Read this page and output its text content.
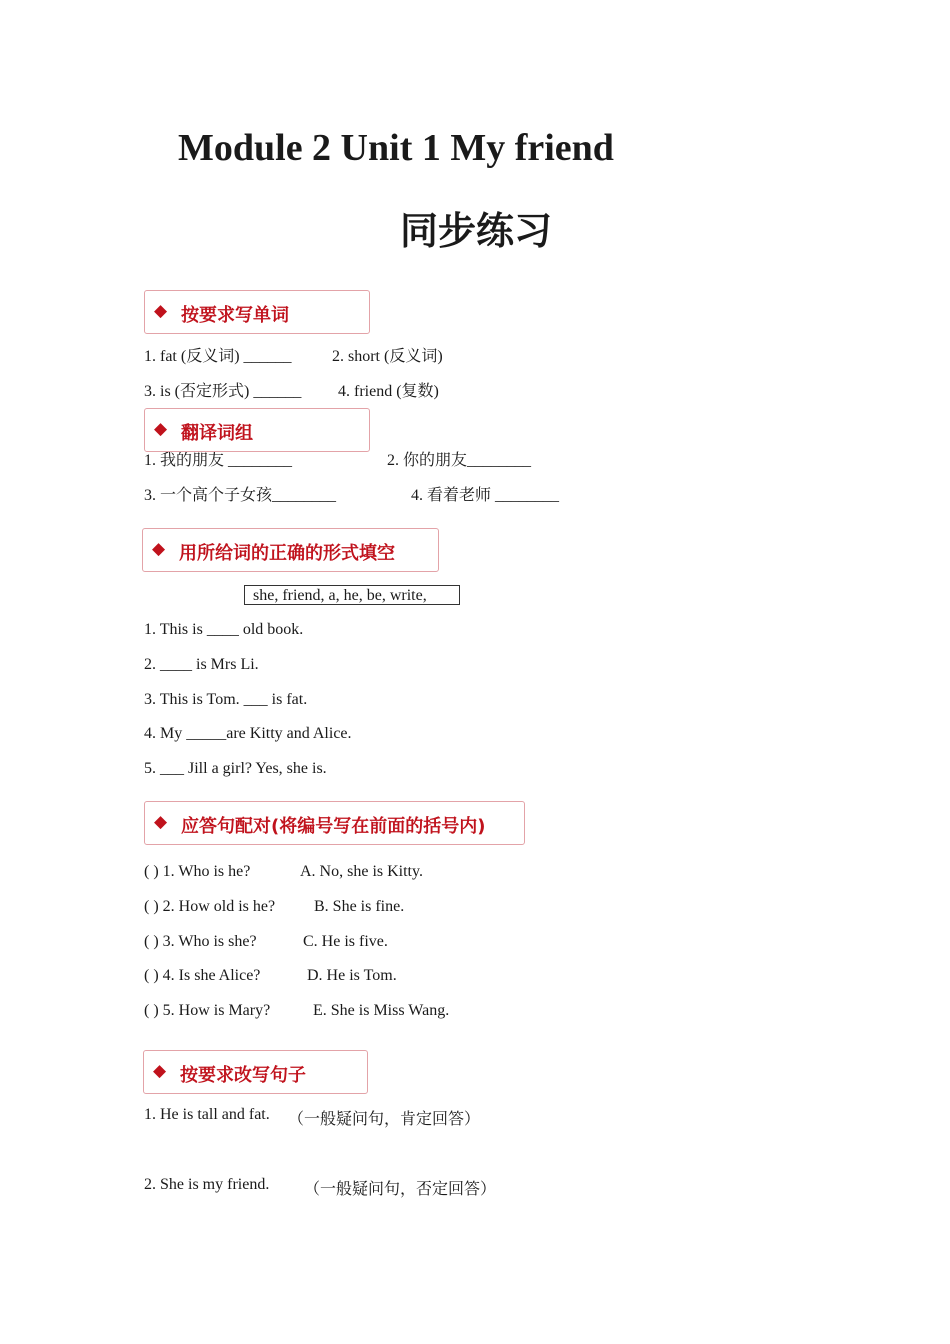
Module 2 Unit 1 My friend
同步练习
◆ 按要求写单词
1. fat (反义词) ______	2. short (反义词)
3. is (否定形式) ______ 4. friend (复数)
1. 我的朋友 ________	2. 你的朋友________
◆ 翻译词组
3. 一个高个子女孩________	4. 看着老师 ________
◆ 用所给词的正确的形式填空
she, friend, a, he, be, write,
1. This is ____ old book.
2. ____ is Mrs Li.
3. This is Tom. ___ is fat.
4. My _____are Kitty and Alice.
5. ___ Jill a girl? Yes, she is.
◆ 应答句配对(将编号写在前面的括号内)
( ) 1. Who is he?	A. No, she is Kitty.
( ) 2. How old is he? B. She is fine.
( ) 3. Who is she?	C. He is five.
( ) 4. Is she Alice?	D. He is Tom.
( ) 5. How is Mary?	E. She is Miss Wang.
◆ 按要求改写句子
1. He is tall and fat. （一般疑问句，肯定回答）
2. She is my friend. （一般疑问句，否定回答）
